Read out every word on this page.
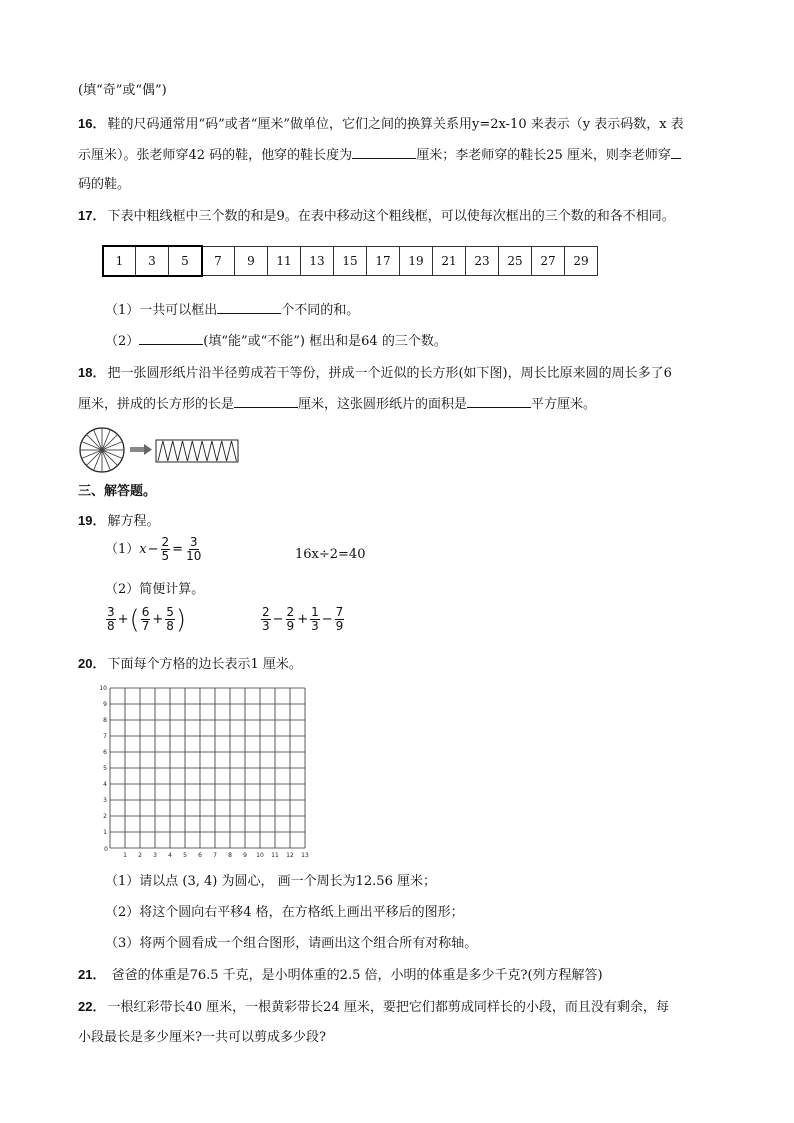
(填“奇”或“偶”)
16． 鞋的尺码通常用“码”或者“厘米”做单位，它们之间的换算关系用y=2x-10 来表示（y 表示码数，x 表
示厘米）。张老师穿42 码的鞋，他穿的鞋长度为	厘米；李老师穿的鞋长25 厘米，则李老师穿
码的鞋。
17． 下表中粗线框中三个数的和是9。在表中移动这个粗线框，可以使每次框出的三个数的和各不相同。
1	3	5	7	9	11	13	15	17	19	21	23	25	27	29
（1）一共可以框出	个不同的和。
（2）	(填“能”或“不能”) 框出和是64 的三个数。
18． 把一张圆形纸片沿半径剪成若干等份，拼成一个近似的长方形(如下图)，周长比原来圆的周长多了6
厘米，拼成的长方形的长是	厘米，这张圆形纸片的面积是	平方厘米。
三、解答题。
19． 解方程。
（1） $x - \frac{2}{5} = \frac{3}{10}$	16x÷2=40
（2）简便计算。
$\frac{3}{8}$ + ( $\frac{6}{7} + \frac{5}{8}$ )	$\frac{2}{3} - \frac{2}{9} + \frac{1}{3} - \frac{7}{9}$
20． 下面每个方格的边长表示1 厘米。
0
1 2 3 4 5 6 7 8 9 10 11 12 13
1
2
3
4
5
6
7
8
9
10
（1）请以点 (3, 4) 为圆心， 画一个周长为12.56 厘米；
（2）将这个圆向右平移4 格，在方格纸上画出平移后的图形；
（3）将两个圆看成一个组合图形，请画出这个组合所有对称轴。
21． 爸爸的体重是76.5 千克，是小明体重的2.5 倍，小明的体重是多少千克?(列方程解答)
22． 一根红彩带长40 厘米，一根黄彩带长24 厘米，要把它们都剪成同样长的小段，而且没有剩余，每
小段最长是多少厘米?一共可以剪成多少段?
